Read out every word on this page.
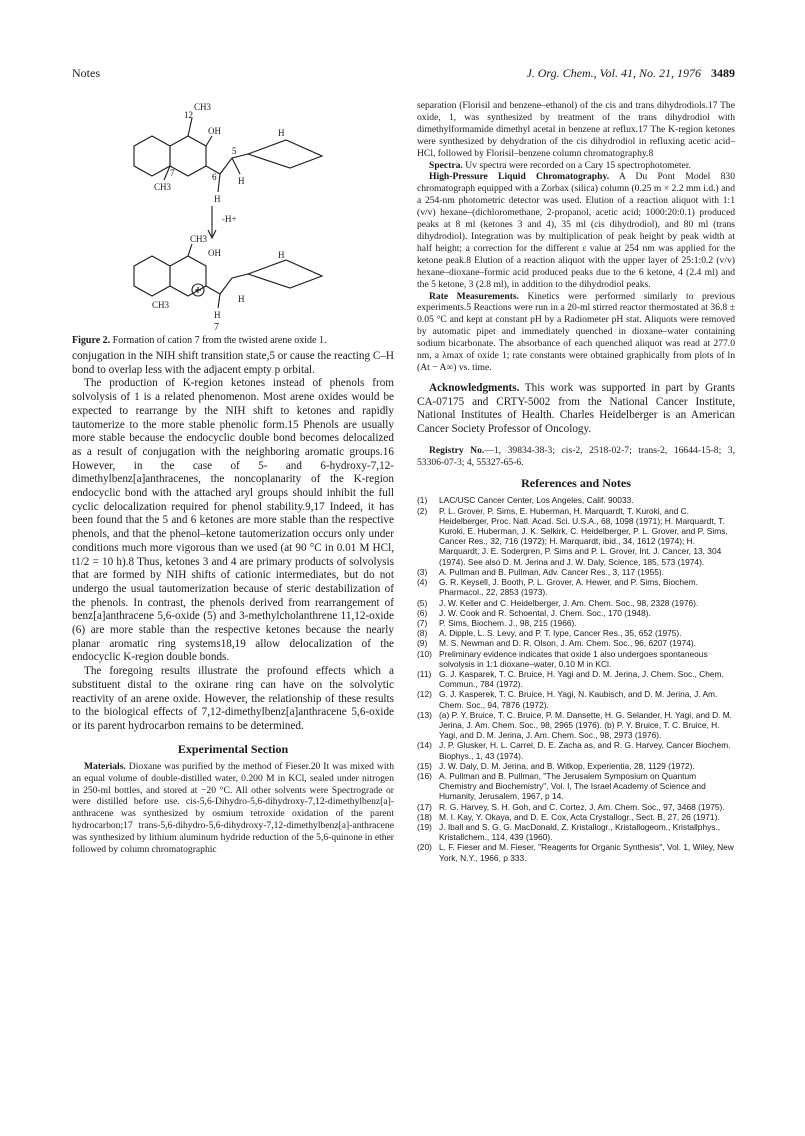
Notes	J. Org. Chem., Vol. 41, No. 21, 1976 3489
12
CH3
OH	H
7
CH3
6
5
H
H
-H+
CH3
OH	H
CH3
H
H
7
Figure 2. Formation of cation 7 from the twisted arene oxide 1.

conjugation in the NIH shift transition state,5 or cause the reacting C–H bond to overlap less with the adjacent empty p orbital.

The production of K-region ketones instead of phenols from solvolysis of 1 is a related phenomenon. Most arene oxides would be expected to rearrange by the NIH shift to ketones and rapidly tautomerize to the more stable phenolic form.15 Phenols are usually more stable because the endocyclic double bond becomes delocalized as a result of conjugation with the neighboring aromatic groups.16 However, in the case of 5- and 6-hydroxy-7,12-dimethylbenz[a]anthracenes, the noncoplanarity of the K-region endocyclic bond with the attached aryl groups should inhibit the full cyclic delocalization required for phenol stability.9,17 Indeed, it has been found that the 5 and 6 ketones are more stable than the respective phenols, and that the phenol–ketone tautomerization occurs only under conditions much more vigorous than we used (at 90 °C in 0.01 M HCl, t1/2 = 10 h).8 Thus, ketones 3 and 4 are primary products of solvolysis that are formed by NIH shifts of cationic intermediates, but do not undergo the usual tautomerization because of steric destabilization of the phenols. In contrast, the phenols derived from rearrangement of benz[a]anthracene 5,6-oxide (5) and 3-methylcholanthrene 11,12-oxide (6) are more stable than the respective ketones because the nearly planar aromatic ring systems18,19 allow delocalization of the endocyclic K-region double bonds.

The foregoing results illustrate the profound effects which a substituent distal to the oxirane ring can have on the solvolytic reactivity of an arene oxide. However, the relationship of these results to the biological effects of 7,12-dimethylbenz[a]anthracene 5,6-oxide or its parent hydrocarbon remains to be determined.

Experimental Section

Materials. Dioxane was purified by the method of Fieser.20 It was mixed with an equal volume of double-distilled water, 0.200 M in KCl, sealed under nitrogen in 250-ml bottles, and stored at −20 °C. All other solvents were Spectrograde or were distilled before use. cis-5,6-Dihydro-5,6-dihydroxy-7,12-dimethylbenz[a]-anthracene was synthesized by osmium tetroxide oxidation of the parent hydrocarbon;17 trans-5,6-dihydro-5,6-dihydroxy-7,12-dimethylbenz[a]-anthracene was synthesized by lithium aluminum hydride reduction of the 5,6-quinone in ether followed by column chromatographic

separation (Florisil and benzene–ethanol) of the cis and trans dihydrodiols.17 The oxide, 1, was synthesized by treatment of the trans dihydrodiol with dimethylformamide dimethyl acetal in benzene at reflux.17 The K-region ketones were synthesized by dehydration of the cis dihydrodiol in refluxing acetic acid–HCl, followed by Florisil–benzene column chromatography.8

Spectra. Uv spectra were recorded on a Cary 15 spectrophotometer.

High-Pressure Liquid Chromatography. A Du Pont Model 830 chromatograph equipped with a Zorbax (silica) column (0.25 m × 2.2 mm i.d.) and a 254-nm photometric detector was used. Elution of a reaction aliquot with 1:1 (v/v) hexane–(dichloromethane, 2-propanol, acetic acid; 1000:20:0.1) produced peaks at 8 ml (ketones 3 and 4), 35 ml (cis dihydrodiol), and 80 ml (trans dihydrodiol). Integration was by multiplication of peak height by peak width at half height; a correction for the different ε value at 254 nm was applied for the ketone peak.8 Elution of a reaction aliquot with the upper layer of 25:1:0.2 (v/v) hexane–dioxane–formic acid produced peaks due to the 6 ketone, 4 (2.4 ml) and the 5 ketone, 3 (2.8 ml), in addition to the dihydrodiol peaks.

Rate Measurements. Kinetics were performed similarly to previous experiments.5 Reactions were run in a 20-ml stirred reactor thermostated at 36.8 ± 0.05 °C and kept at constant pH by a Radiometer pH stat. Aliquots were removed by automatic pipet and immediately quenched in dioxane–water containing sodium bicarbonate. The absorbance of each quenched aliquot was read at 277.0 nm, a λmax of oxide 1; rate constants were obtained graphically from plots of ln (At − A∞) vs. time.

Acknowledgments. This work was supported in part by Grants CA-07175 and CRTY-5002 from the National Cancer Institute, National Institutes of Health. Charles Heidelberger is an American Cancer Society Professor of Oncology.

Registry No.—1, 39834-38-3; cis-2, 2518-02-7; trans-2, 16644-15-8; 3, 53306-07-3; 4, 55327-65-6.

References and Notes
(1)	LAC/USC Cancer Center, Los Angeles, Calif. 90033.
(2)	P. L. Grover, P. Sims, E. Huberman, H. Marquardt, T. Kuroki, and C. Heidelberger, Proc. Natl. Acad. Sci. U.S.A., 68, 1098 (1971); H. Marquardt, T. Kuroki, E. Huberman, J. K. Selkirk, C. Heidelberger, P. L. Grover, and P. Sims, Cancer Res., 32, 716 (1972); H. Marquardt, ibid., 34, 1612 (1974); H. Marquardt, J. E. Sodergren, P. Sims and P. L. Grover, Int. J. Cancer, 13, 304 (1974). See also D. M. Jerina and J. W. Daly, Science, 185, 573 (1974).
(3)	A. Pullman and B. Pullman, Adv. Cancer Res., 3, 117 (1955).
(4)	G. R. Keysell, J. Booth, P. L. Grover, A. Hewer, and P. Sims, Biochem. Pharmacol., 22, 2853 (1973).
(5)	J. W. Keller and C. Heidelberger, J. Am. Chem. Soc., 98, 2328 (1976).
(6)	J. W. Cook and R. Schoental, J. Chem. Soc., 170 (1948).
(7)	P. Sims, Biochem. J., 98, 215 (1966).
(8)	A. Dipple, L. S. Levy, and P. T. Iype, Cancer Res., 35, 652 (1975).
(9)	M. S. Newman and D. R. Olson, J. Am. Chem. Soc., 96, 6207 (1974).
(10) Preliminary evidence indicates that oxide 1 also undergoes spontaneous solvolysis in 1:1 dioxane–water, 0.10 M in KCl.
(11) G. J. Kasparek, T. C. Bruice, H. Yagi and D. M. Jerina, J. Chem. Soc., Chem. Commun., 784 (1972).
(12) G. J. Kasperek, T. C. Bruice, H. Yagi, N. Kaubisch, and D. M. Jerina, J. Am. Chem. Soc., 94, 7876 (1972).
(13) (a) P. Y. Bruice, T. C. Bruice, P. M. Dansette, H. G. Selander, H. Yagi, and D. M. Jerina, J. Am. Chem. Soc., 98, 2965 (1976). (b) P. Y. Bruice, T. C. Bruice, H. Yagi, and D. M. Jerina, J. Am. Chem. Soc., 98, 2973 (1976).
(14) J. P. Glusker, H. L. Carrel, D. E. Zacha as, and R. G. Harvey, Cancer Biochem. Biophys., 1, 43 (1974).
(15) J. W. Daly, D. M. Jerina, and B. Witkop, Experientia, 28, 1129 (1972).
(16) A. Pullman and B. Pullman, "The Jerusalem Symposium on Quantum Chemistry and Biochemistry", Vol. I, The Israel Academy of Science and Humanity, Jerusalem, 1967, p 14.
(17) R. G. Harvey, S. H. Goh, and C. Cortez, J. Am. Chem. Soc., 97, 3468 (1975).
(18) M. I. Kay, Y. Okaya, and D. E. Cox, Acta Crystallogr., Sect. B, 27, 26 (1971).
(19) J. Iball and S. G. G. MacDonald, Z. Kristallogr., Kristallogeom., Kristallphys., Kristallchem., 114, 439 (1960).
(20) L. F. Fieser and M. Fieser, "Reagents for Organic Synthesis", Vol. 1, Wiley, New York, N.Y., 1966, p 333.
